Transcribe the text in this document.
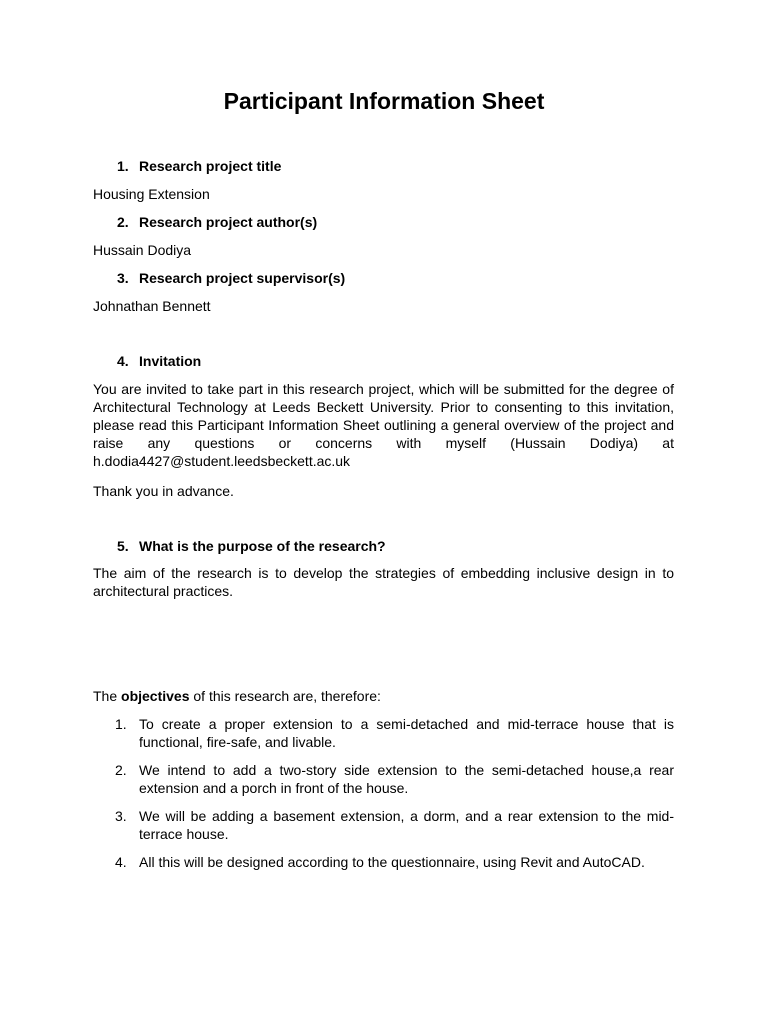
Participant Information Sheet
1. Research project title
Housing Extension
2. Research project author(s)
Hussain Dodiya
3. Research project supervisor(s)
Johnathan Bennett
4. Invitation
You are invited to take part in this research project, which will be submitted for the degree of Architectural Technology at Leeds Beckett University. Prior to consenting to this invitation, please read this Participant Information Sheet outlining a general overview of the project and raise any questions or concerns with myself (Hussain Dodiya) at h.dodia4427@student.leedsbeckett.ac.uk
Thank you in advance.
5. What is the purpose of the research?
The aim of the research is to develop the strategies of embedding inclusive design in to architectural practices.
The objectives of this research are, therefore:
1. To create a proper extension to a semi-detached and mid-terrace house that is functional, fire-safe, and livable.
2. We intend to add a two-story side extension to the semi-detached house,a rear extension and a porch in front of the house.
3. We will be adding a basement extension, a dorm, and a rear extension to the mid-terrace house.
4. All this will be designed according to the questionnaire, using Revit and AutoCAD.
